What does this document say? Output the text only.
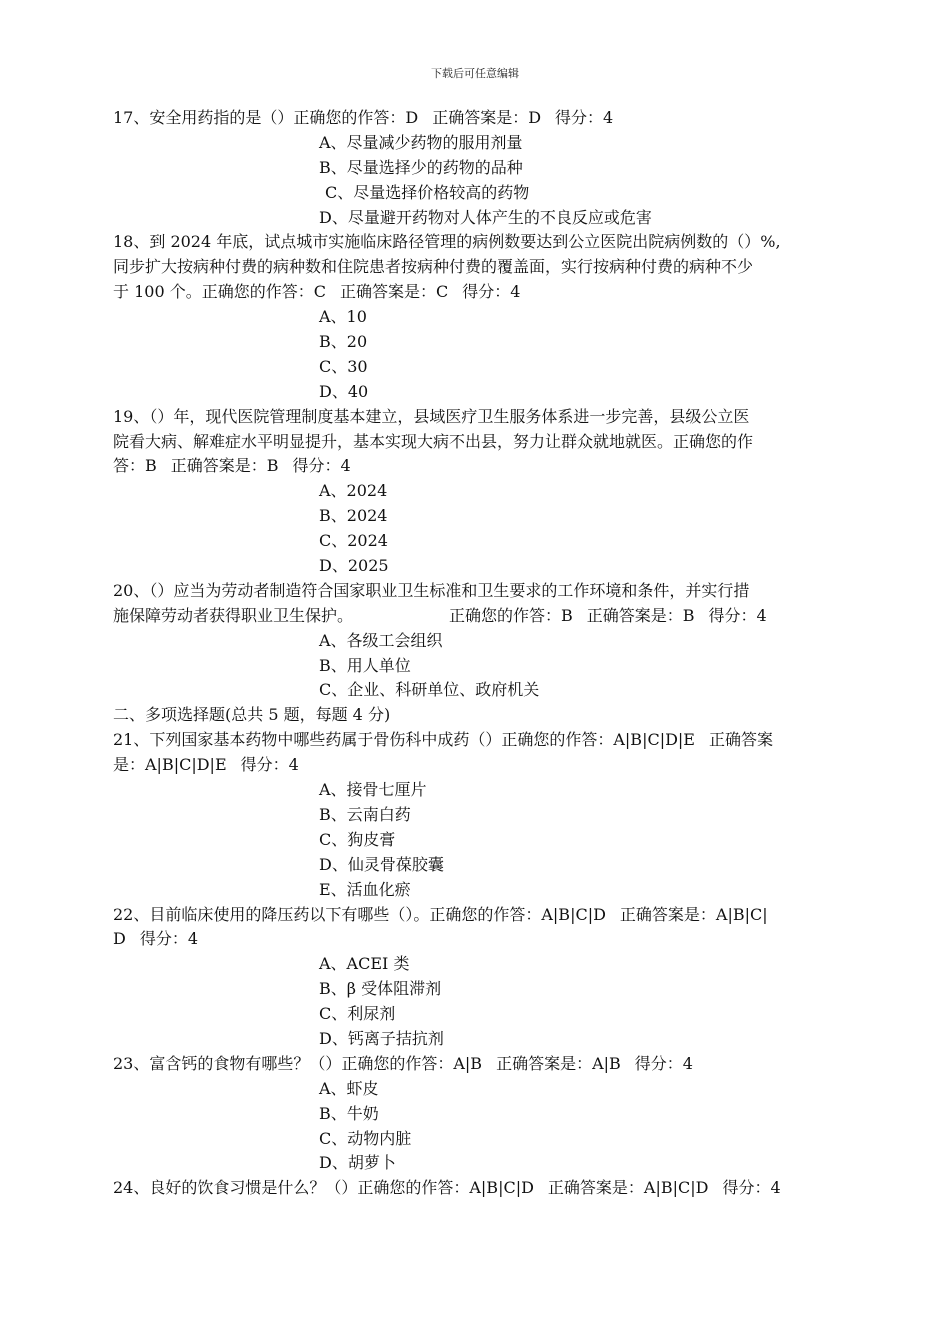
下载后可任意编辑
17、安全用药指的是（）正确您的作答：D 正确答案是：D 得分：4
A、尽量减少药物的服用剂量
B、尽量选择少的药物的品种
C、尽量选择价格较高的药物
D、尽量避开药物对人体产生的不良反应或危害
18、到 2024 年底，试点城市实施临床路径管理的病例数要达到公立医院出院病例数的（）%,
同步扩大按病种付费的病种数和住院患者按病种付费的覆盖面，实行按病种付费的病种不少
于 100 个。正确您的作答：C 正确答案是：C 得分：4
A、10
B、20
C、30
D、40
19、（）年，现代医院管理制度基本建立，县域医疗卫生服务体系进一步完善，县级公立医
院看大病、解难症水平明显提升，基本实现大病不出县，努力让群众就地就医。正确您的作
答：B 正确答案是：B 得分：4
A、2024
B、2024
C、2024
D、2025
20、（）应当为劳动者制造符合国家职业卫生标准和卫生要求的工作环境和条件，并实行措
施保障劳动者获得职业卫生保护。	正确您的作答：B 正确答案是：B 得分：4
A、各级工会组织
B、用人单位
C、企业、科研单位、政府机关
二、多项选择题(总共 5 题，每题 4 分)
21、下列国家基本药物中哪些药属于骨伤科中成药（）正确您的作答：A|B|C|D|E 正确答案
是：A|B|C|D|E 得分：4
A、接骨七厘片
B、云南白药
C、狗皮膏
D、仙灵骨葆胶囊
E、活血化瘀
22、目前临床使用的降压药以下有哪些（）。正确您的作答：A|B|C|D 正确答案是：A|B|C|
D 得分：4
A、ACEI 类
B、β 受体阻滞剂
C、利尿剂
D、钙离子拮抗剂
23、富含钙的食物有哪些？（）正确您的作答：A|B 正确答案是：A|B 得分：4
A、虾皮
B、牛奶
C、动物内脏
D、胡萝卜
24、良好的饮食习惯是什么？（）正确您的作答：A|B|C|D 正确答案是：A|B|C|D 得分：4
